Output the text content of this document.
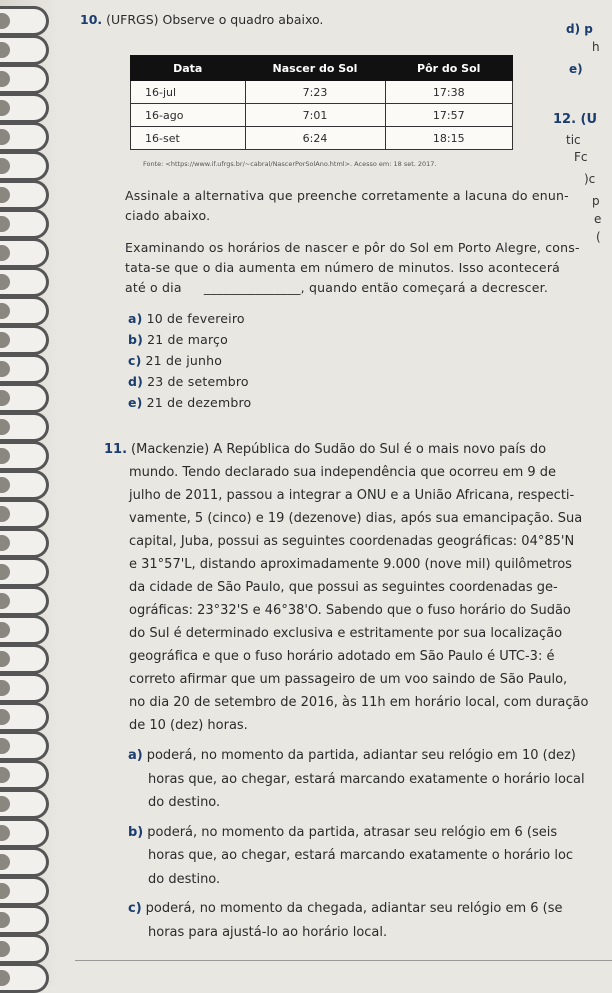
10. (UFRGS) Observe o quadro abaixo.
Data	Nascer do Sol	Pôr do Sol
16-jul	7:23	17:38
16-ago	7:01	17:57
16-set	6:24	18:15
Fonte: <https://www.if.ufrgs.br/~cabral/NascerPorSolAno.html>. Acesso em: 18 set. 2017.
Assinale a alternativa que preenche corretamente a lacuna do enun-
ciado abaixo.
Examinando os horários de nascer e pôr do Sol em Porto Alegre, cons-
tata-se que o dia aumenta em número de minutos. Isso acontecerá
até o dia _______________, quando então começará a decrescer.
a) 10 de fevereiro
b) 21 de março
c) 21 de junho
d) 23 de setembro
e) 21 de dezembro
11. (Mackenzie) A República do Sudão do Sul é o mais novo país do
mundo. Tendo declarado sua independência que ocorreu em 9 de
julho de 2011, passou a integrar a ONU e a União Africana, respecti-
vamente, 5 (cinco) e 19 (dezenove) dias, após sua emancipação. Sua
capital, Juba, possui as seguintes coordenadas geográficas: 04°85'N
e 31°57'L, distando aproximadamente 9.000 (nove mil) quilômetros
da cidade de São Paulo, que possui as seguintes coordenadas ge-
ográficas: 23°32'S e 46°38'O. Sabendo que o fuso horário do Sudão
do Sul é determinado exclusiva e estritamente por sua localização
geográfica e que o fuso horário adotado em São Paulo é UTC-3: é
correto afirmar que um passageiro de um voo saindo de São Paulo,
no dia 20 de setembro de 2016, às 11h em horário local, com duração
de 10 (dez) horas.
a) poderá, no momento da partida, adiantar seu relógio em 10 (dez)
horas que, ao chegar, estará marcando exatamente o horário local
do destino.
b) poderá, no momento da partida, atrasar seu relógio em 6 (seis
horas que, ao chegar, estará marcando exatamente o horário loc
do destino.
c) poderá, no momento da chegada, adiantar seu relógio em 6 (se
horas para ajustá-lo ao horário local.
d) p
h
e)
12. (U
tic
Fc
)c
p
e
(
